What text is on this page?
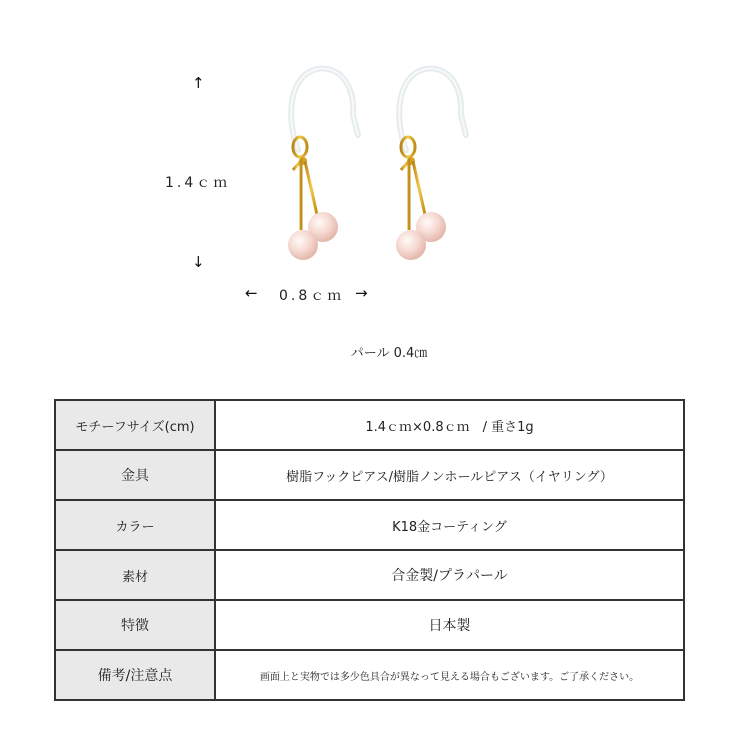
↑
1.4ｃｍ
↓
← 0.8ｃｍ →
パール 0.4㎝
モチーフサイズ(cm)	1.4ｃｍ×0.8ｃｍ　/ 重さ1g
金具	樹脂フックピアス/樹脂ノンホールピアス（イヤリング）
カラー	K18金コーティング
素材	合金製/プラパール
特徴	日本製
備考/注意点	画面上と実物では多少色具合が異なって見える場合もございます。ご了承ください。
